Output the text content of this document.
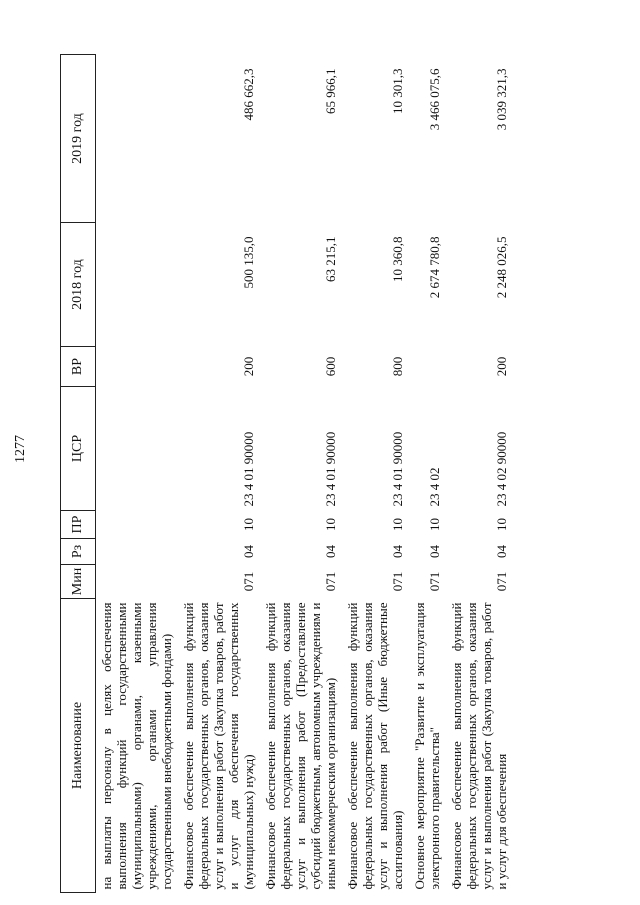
1277
Наименование	Мин	Рз	ПР	ЦСР	ВР	2018 год	2019 год
на выплаты персоналу в целях обеспечения выполнения функций государственными (муниципальными) органами, казенными учреждениями, органами управления государственными внебюджетными фондами)							
Финансовое обеспечение выполнения функций федеральных государственных органов, оказания услуг и выполнения работ (Закупка товаров, работ и услуг для обеспечения государственных (муниципальных) нужд)	071	04	10	23 4 01 90000	200	500 135,0	486 662,3
Финансовое обеспечение выполнения функций федеральных государственных органов, оказания услуг и выполнения работ (Предоставление субсидий бюджетным, автономным учреждениям и иным некоммерческим организациям)	071	04	10	23 4 01 90000	600	63 215,1	65 966,1
Финансовое обеспечение выполнения функций федеральных государственных органов, оказания услуг и выполнения работ (Иные бюджетные ассигнования)	071	04	10	23 4 01 90000	800	10 360,8	10 301,3
Основное мероприятие "Развитие и эксплуатация электронного правительства"	071	04	10	23 4 02		2 674 780,8	3 466 075,6
Финансовое обеспечение выполнения функций федеральных государственных органов, оказания услуг и выполнения работ (Закупка товаров, работ и услуг для обеспечения	071	04	10	23 4 02 90000	200	2 248 026,5	3 039 321,3
